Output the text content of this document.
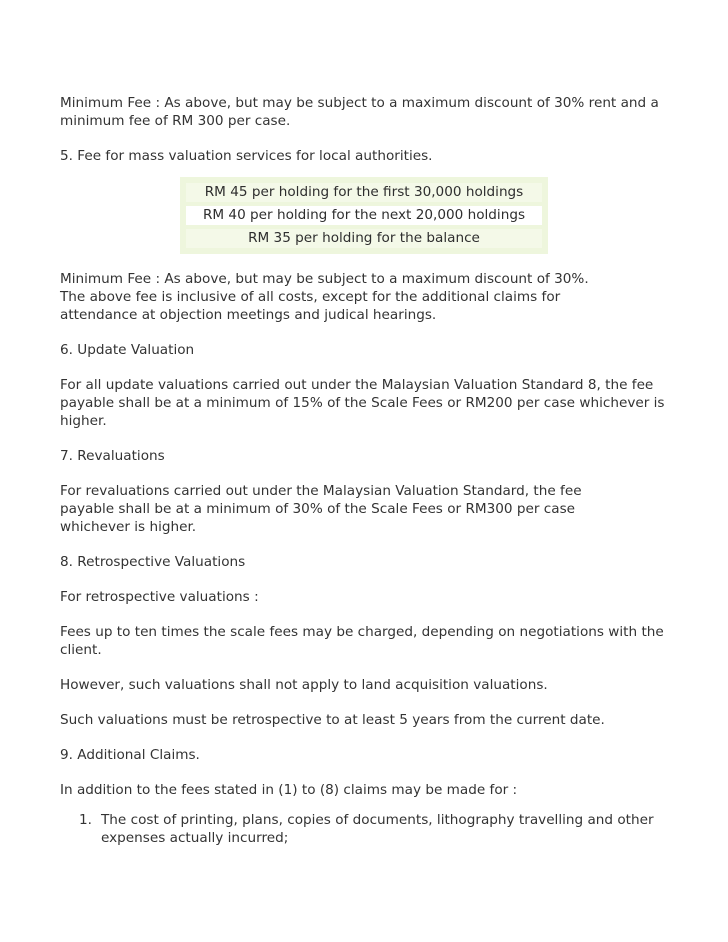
Minimum Fee : As above, but may be subject to a maximum discount of 30% rent and a minimum fee of RM 300 per case.

5. Fee for mass valuation services for local authorities.

RM 45 per holding for the first 30,000 holdings
RM 40 per holding for the next 20,000 holdings
RM 35 per holding for the balance

Minimum Fee : As above, but may be subject to a maximum discount of 30%.

The above fee is inclusive of all costs, except for the additional claims for attendance at objection meetings and judical hearings.

6. Update Valuation

For all update valuations carried out under the Malaysian Valuation Standard 8, the fee payable shall be at a minimum of 15% of the Scale Fees or RM200 per case whichever is higher.

7. Revaluations

For revaluations carried out under the Malaysian Valuation Standard, the fee payable shall be at a minimum of 30% of the Scale Fees or RM300 per case whichever is higher.

8. Retrospective Valuations

For retrospective valuations :

Fees up to ten times the scale fees may be charged, depending on negotiations with the client.

However, such valuations shall not apply to land acquisition valuations.

Such valuations must be retrospective to at least 5 years from the current date.

9. Additional Claims.

In addition to the fees stated in (1) to (8) claims may be made for :

1. The cost of printing, plans, copies of documents, lithography travelling and other expenses actually incurred;
